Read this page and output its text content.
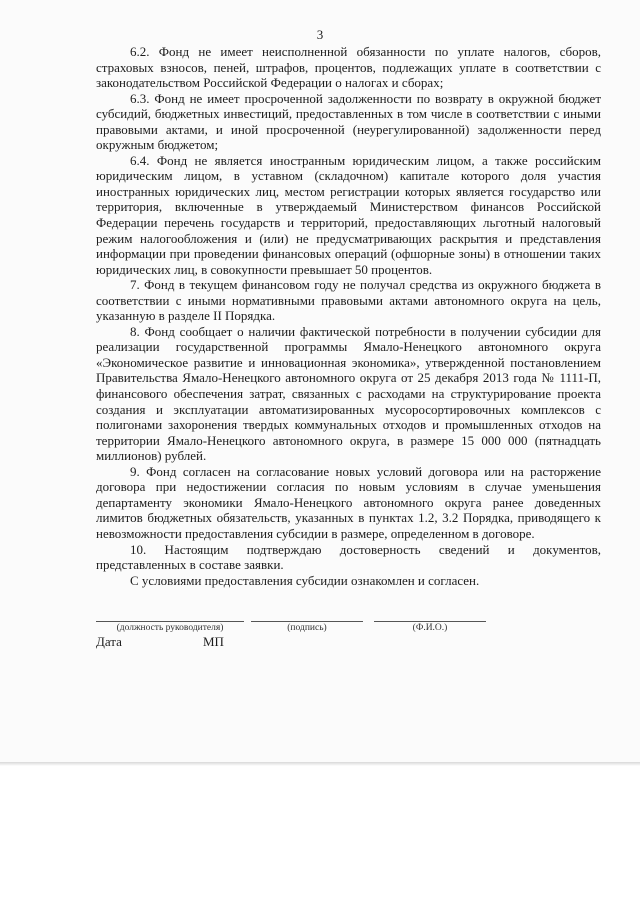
3

6.2. Фонд не имеет неисполненной обязанности по уплате налогов, сборов, страховых взносов, пеней, штрафов, процентов, подлежащих уплате в соответствии с законодательством Российской Федерации о налогах и сборах;

6.3. Фонд не имеет просроченной задолженности по возврату в окружной бюджет субсидий, бюджетных инвестиций, предоставленных в том числе в соответствии с иными правовыми актами, и иной просроченной (неурегулированной) задолженности перед окружным бюджетом;

6.4. Фонд не является иностранным юридическим лицом, а также российским юридическим лицом, в уставном (складочном) капитале которого доля участия иностранных юридических лиц, местом регистрации которых является государство или территория, включенные в утверждаемый Министерством финансов Российской Федерации перечень государств и территорий, предоставляющих льготный налоговый режим налогообложения и (или) не предусматривающих раскрытия и представления информации при проведении финансовых операций (офшорные зоны) в отношении таких юридических лиц, в совокупности превышает 50 процентов.

7. Фонд в текущем финансовом году не получал средства из окружного бюджета в соответствии с иными нормативными правовыми актами автономного округа на цель, указанную в разделе II Порядка.

8. Фонд сообщает о наличии фактической потребности в получении субсидии для реализации государственной программы Ямало-Ненецкого автономного округа «Экономическое развитие и инновационная экономика», утвержденной постановлением Правительства Ямало-Ненецкого автономного округа от 25 декабря 2013 года № 1111-П, финансового обеспечения затрат, связанных с расходами на структурирование проекта создания и эксплуатации автоматизированных мусоросортировочных комплексов с полигонами захоронения твердых коммунальных отходов и промышленных отходов на территории Ямало-Ненецкого автономного округа, в размере 15 000 000 (пятнадцать миллионов) рублей.

9. Фонд согласен на согласование новых условий договора или на расторжение договора при недостижении согласия по новым условиям в случае уменьшения департаменту экономики Ямало-Ненецкого автономного округа ранее доведенных лимитов бюджетных обязательств, указанных в пунктах 1.2, 3.2 Порядка, приводящего к невозможности предоставления субсидии в размере, определенном в договоре.

10. Настоящим подтверждаю достоверность сведений и документов, представленных в составе заявки.

С условиями предоставления субсидии ознакомлен и согласен.

(должность руководителя)	(подпись)	(Ф.И.О.)
Дата	МП
